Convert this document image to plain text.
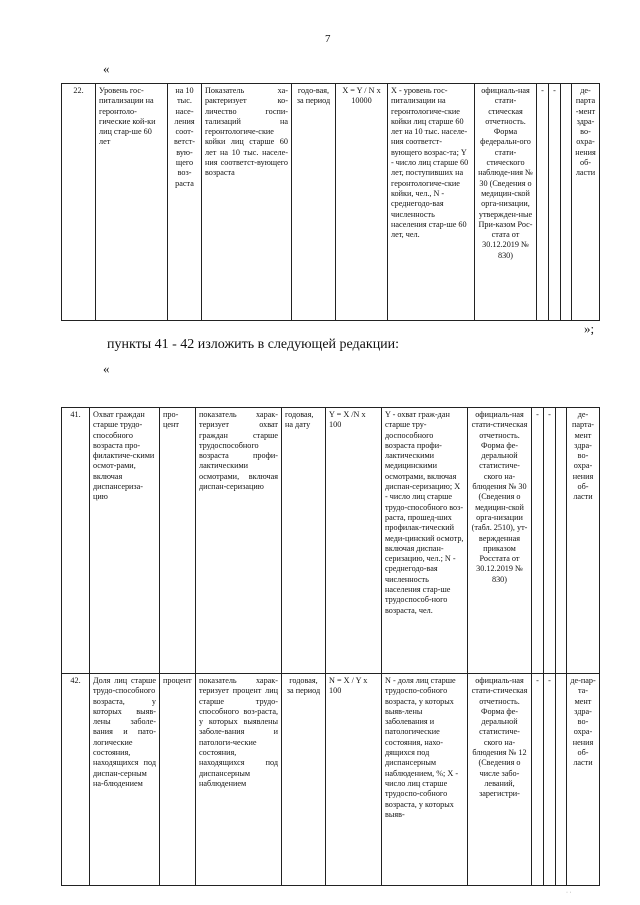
7
«
22.	Уровень гос-питализации на геронтоло-гические кой-ки лиц стар-ше 60 лет	на 10 тыс. насе-ления соот-ветст-вую-щего воз-раста	Показатель ха-рактеризует ко-личество госпи-тализаций на геронтологиче-ские койки лиц старше 60 лет на 10 тыс. населе-ния соответст-вующего возраста	годо-вая, за период	X = Y / N x 10000	X - уровень гос-питализации на геронтологиче-ские койки лиц старше 60 лет на 10 тыс. населе-ния соответст-вующего возрас-та; Y - число лиц старше 60 лет, поступивших на геронтологиче-ские койки, чел., N - среднегодо-вая численность населения стар-ше 60 лет, чел.	официаль-ная стати-стическая отчетность. Форма федеральн-ого стати-стического наблюде-ния № 30 (Сведения о медицин-ской орга-низации, утвержден-ные При-казом Рос-стата от 30.12.2019 № 830)	-	-		де-парта-мент здра-во-охра-нения об-ласти
»;
пункты 41 - 42 изложить в следующей редакции:
«
41.	Охват граждан старше трудо-способного возраста про-филактиче-скими осмот-рами, включая диспансериза-цию	про-цент	показатель харак-теризует охват граждан старше трудоспособного возраста профи-лактическими осмотрами, включая диспан-серизацию	годовая, на дату	Y = X /N x 100	Y - охват граж-дан старше тру-доспособного возраста профи-лактическими медицинскими осмотрами, включая диспан-серизацию; X - число лиц старше трудо-способного воз-раста, прошед-ших профилак-тический меди-цинский осмотр, включая диспан-серизацию, чел.; N - среднегодо-вая численность населения стар-ше трудоспособ-ного возраста, чел.	официаль-ная стати-стическая отчетность. Форма фе-деральной статистиче-ского на-блюдения № 30 (Сведения о медицин-ской орга-низации (табл. 2510), ут-вержденная приказом Росстата от 30.12.2019 № 830)	-	-		де-парта-мент здра-во-охра-нения об-ласти
42.	Доля лиц старше трудо-способного возраста, у которых выяв-лены заболе-вания и пато-логические состояния, находящихся под диспан-серным на-блюдением	процент	показатель харак-теризует процент лиц старше трудо-способного воз-раста, у которых выявлены заболе-вания и патологи-ческие состояния, находящихся под диспансерным наблюдением	годовая, за период	N = X / Y x 100	N - доля лиц старше трудоспо-собного возраста, у которых выяв-лены заболевания и патологические состояния, нахо-дящихся под диспансерным наблюдением, %; X - число лиц старше трудоспо-собного возраста, у которых выяв-	официаль-ная стати-стическая отчетность. Форма фе-деральной статистиче-ского на-блюдения № 12 (Сведения о числе забо-леваний, зарегистри-	-	-		де-пар-та-мент здра-во-охра-нения об-ласти
· ·
